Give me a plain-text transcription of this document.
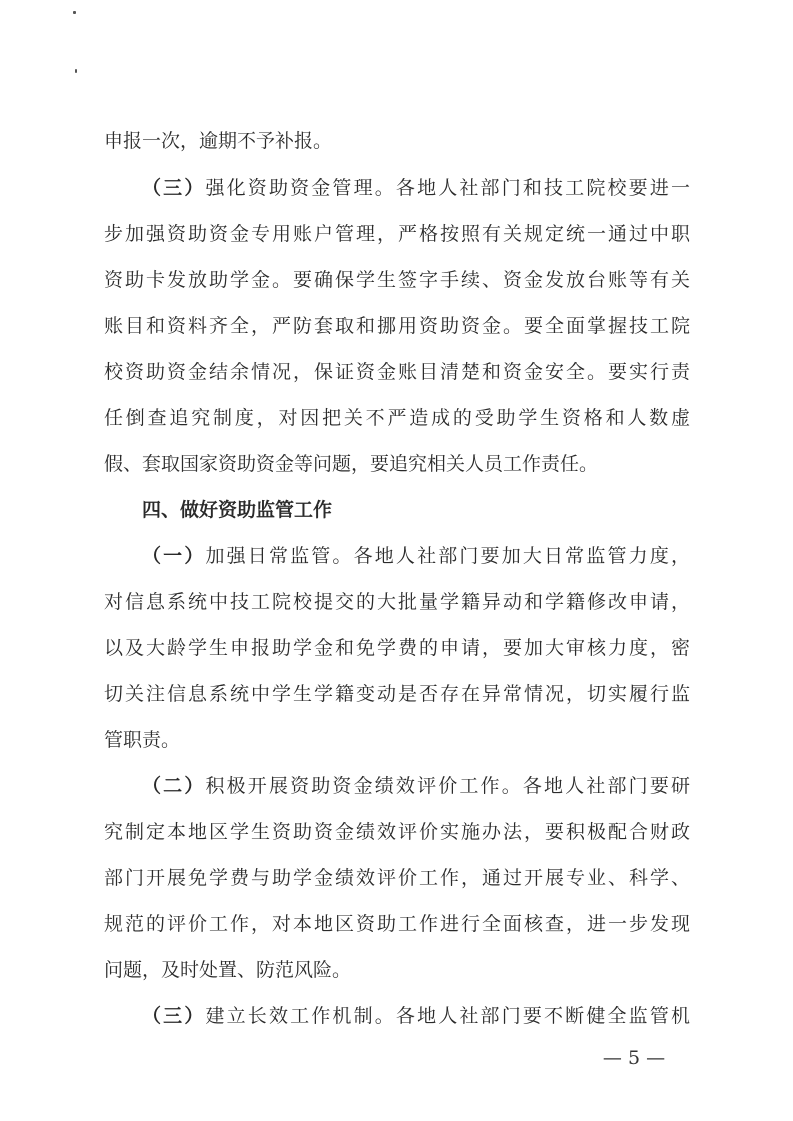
申报一次，逾期不予补报。
（三）强化资助资金管理。各地人社部门和技工院校要进一
步加强资助资金专用账户管理，严格按照有关规定统一通过中职
资助卡发放助学金。要确保学生签字手续、资金发放台账等有关
账目和资料齐全，严防套取和挪用资助资金。要全面掌握技工院
校资助资金结余情况，保证资金账目清楚和资金安全。要实行责
任倒查追究制度，对因把关不严造成的受助学生资格和人数虚
假、套取国家资助资金等问题，要追究相关人员工作责任。
四、做好资助监管工作
（一）加强日常监管。各地人社部门要加大日常监管力度，
对信息系统中技工院校提交的大批量学籍异动和学籍修改申请，
以及大龄学生申报助学金和免学费的申请，要加大审核力度，密
切关注信息系统中学生学籍变动是否存在异常情况，切实履行监
管职责。
（二）积极开展资助资金绩效评价工作。各地人社部门要研
究制定本地区学生资助资金绩效评价实施办法，要积极配合财政
部门开展免学费与助学金绩效评价工作，通过开展专业、科学、
规范的评价工作，对本地区资助工作进行全面核查，进一步发现
问题，及时处置、防范风险。
（三）建立长效工作机制。各地人社部门要不断健全监管机
— 5 —
